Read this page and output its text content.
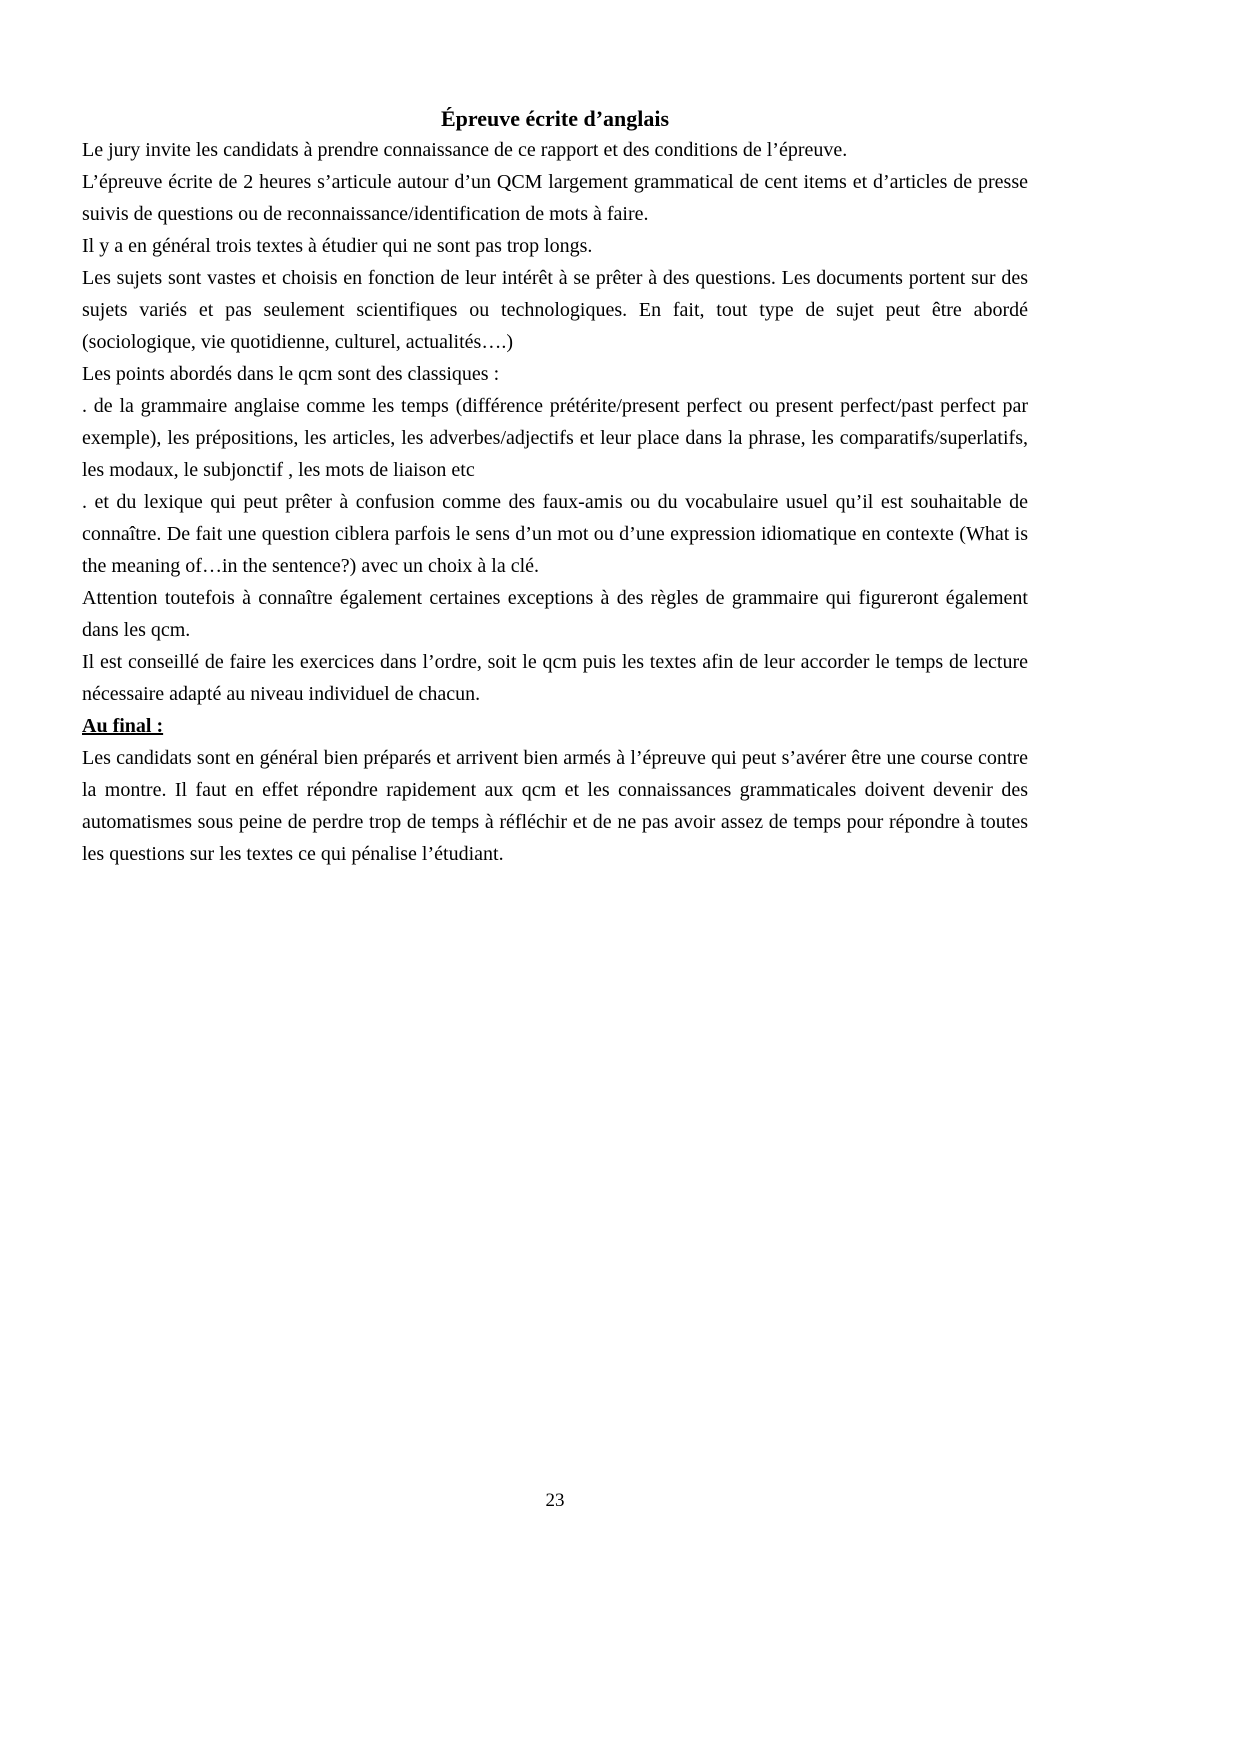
Épreuve écrite d’anglais

Le jury invite les candidats à prendre connaissance de ce rapport et des conditions de l’épreuve.

L’épreuve écrite de 2 heures s’articule autour d’un QCM largement grammatical de cent items et d’articles de presse suivis de questions ou de reconnaissance/identification de mots à faire.

Il y a en général trois textes à étudier qui ne sont pas trop longs.

Les sujets sont vastes et choisis en fonction de leur intérêt à se prêter à des questions. Les documents portent sur des sujets variés et pas seulement scientifiques ou technologiques. En fait, tout type de sujet peut être abordé (sociologique, vie quotidienne, culturel, actualités….)

Les points abordés dans le qcm sont des classiques :

. de la grammaire anglaise comme les temps (différence prétérite/present perfect ou present perfect/past perfect par exemple), les prépositions, les articles, les adverbes/adjectifs et leur place dans la phrase, les comparatifs/superlatifs, les modaux, le subjonctif , les mots de liaison etc

. et du lexique qui peut prêter à confusion comme des faux-amis ou du vocabulaire usuel qu’il est souhaitable de connaître. De fait une question ciblera parfois le sens d’un mot ou d’une expression idiomatique en contexte (What is the meaning of…in the sentence?) avec un choix à la clé.

Attention toutefois à connaître également certaines exceptions à des règles de grammaire qui figureront également dans les qcm.

Il est conseillé de faire les exercices dans l’ordre, soit le qcm puis les textes afin de leur accorder le temps de lecture nécessaire adapté au niveau individuel de chacun.

Au final :

Les candidats sont en général bien préparés et arrivent bien armés à l’épreuve qui peut s’avérer être une course contre la montre. Il faut en effet répondre rapidement aux qcm et les connaissances grammaticales doivent devenir des automatismes sous peine de perdre trop de temps à réfléchir et de ne pas avoir assez de temps pour répondre à toutes les questions sur les textes ce qui pénalise l’étudiant.

23
